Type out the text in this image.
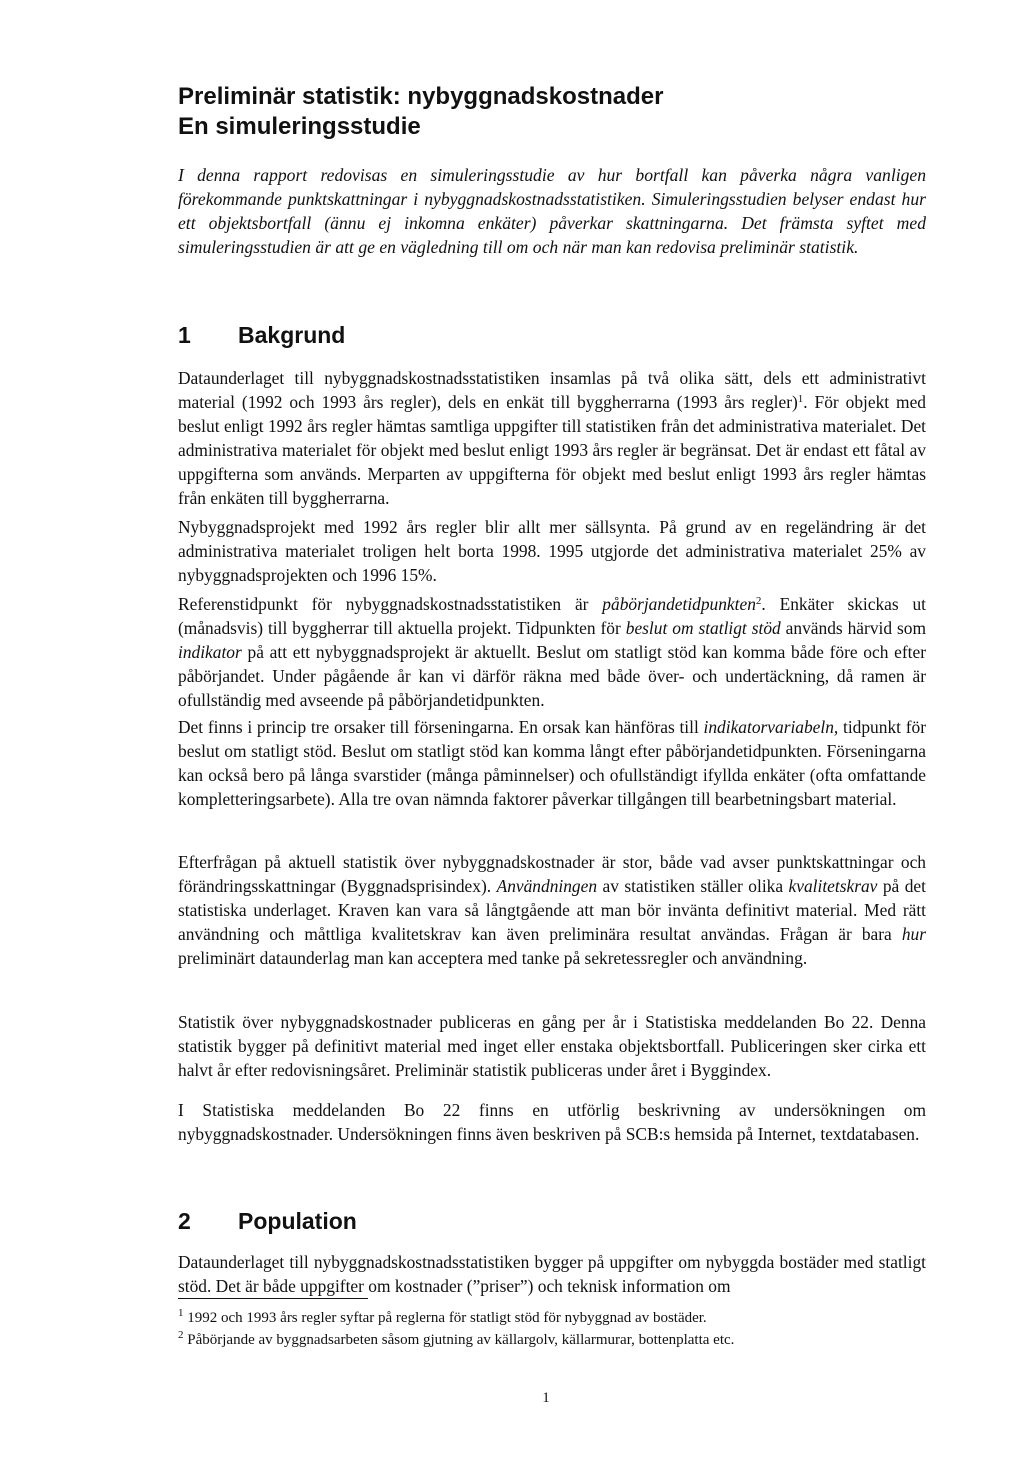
Preliminär statistik: nybyggnadskostnader
En simuleringsstudie

I denna rapport redovisas en simuleringsstudie av hur bortfall kan påverka några vanligen förekommande punktskattningar i nybyggnadskostnadsstatistiken. Simuleringsstudien belyser endast hur ett objektsbortfall (ännu ej inkomna enkäter) påverkar skattningarna. Det främsta syftet med simuleringsstudien är att ge en vägledning till om och när man kan redovisa preliminär statistik.

1 Bakgrund

Dataunderlaget till nybyggnadskostnadsstatistiken insamlas på två olika sätt, dels ett administrativt material (1992 och 1993 års regler), dels en enkät till byggherrarna (1993 års regler)$^1$. För objekt med beslut enligt 1992 års regler hämtas samtliga uppgifter till statistiken från det administrativa materialet. Det administrativa materialet för objekt med beslut enligt 1993 års regler är begränsat. Det är endast ett fåtal av uppgifterna som används. Merparten av uppgifterna för objekt med beslut enligt 1993 års regler hämtas från enkäten till byggherrarna.

Nybyggnadsprojekt med 1992 års regler blir allt mer sällsynta. På grund av en regeländring är det administrativa materialet troligen helt borta 1998. 1995 utgjorde det administrativa materialet 25% av nybyggnadsprojekten och 1996 15%.

Referenstidpunkt för nybyggnadskostnadsstatistiken är påbörjandetidpunkten$^2$. Enkäter skickas ut (månadsvis) till byggherrar till aktuella projekt. Tidpunkten för beslut om statligt stöd används härvid som indikator på att ett nybyggnadsprojekt är aktuellt. Beslut om statligt stöd kan komma både före och efter påbörjandet. Under pågående år kan vi därför räkna med både över- och undertäckning, då ramen är ofullständig med avseende på påbörjandetidpunkten.

Det finns i princip tre orsaker till förseningarna. En orsak kan hänföras till indikatorvariabeln, tidpunkt för beslut om statligt stöd. Beslut om statligt stöd kan komma långt efter påbörjandetidpunkten. Förseningarna kan också bero på långa svarstider (många påminnelser) och ofullständigt ifyllda enkäter (ofta omfattande kompletteringsarbete). Alla tre ovan nämnda faktorer påverkar tillgången till bearbetningsbart material.

Efterfrågan på aktuell statistik över nybyggnadskostnader är stor, både vad avser punktskattningar och förändringsskattningar (Byggnadsprisindex). Användningen av statistiken ställer olika kvalitetskrav på det statistiska underlaget. Kraven kan vara så långtgående att man bör invänta definitivt material. Med rätt användning och måttliga kvalitetskrav kan även preliminära resultat användas. Frågan är bara hur preliminärt dataunderlag man kan acceptera med tanke på sekretessregler och användning.

Statistik över nybyggnadskostnader publiceras en gång per år i Statistiska meddelanden Bo 22. Denna statistik bygger på definitivt material med inget eller enstaka objektsbortfall. Publiceringen sker cirka ett halvt år efter redovisningsåret. Preliminär statistik publiceras under året i Byggindex.

I Statistiska meddelanden Bo 22 finns en utförlig beskrivning av undersökningen om nybyggnadskostnader. Undersökningen finns även beskriven på SCB:s hemsida på Internet, textdatabasen.

2 Population

Dataunderlaget till nybyggnadskostnadsstatistiken bygger på uppgifter om nybyggda bostäder med statligt stöd. Det är både uppgifter om kostnader (”priser”) och teknisk information om

$^1$ 1992 och 1993 års regler syftar på reglerna för statligt stöd för nybyggnad av bostäder.

$^2$ Påbörjande av byggnadsarbeten såsom gjutning av källargolv, källarmurar, bottenplatta etc.

1
